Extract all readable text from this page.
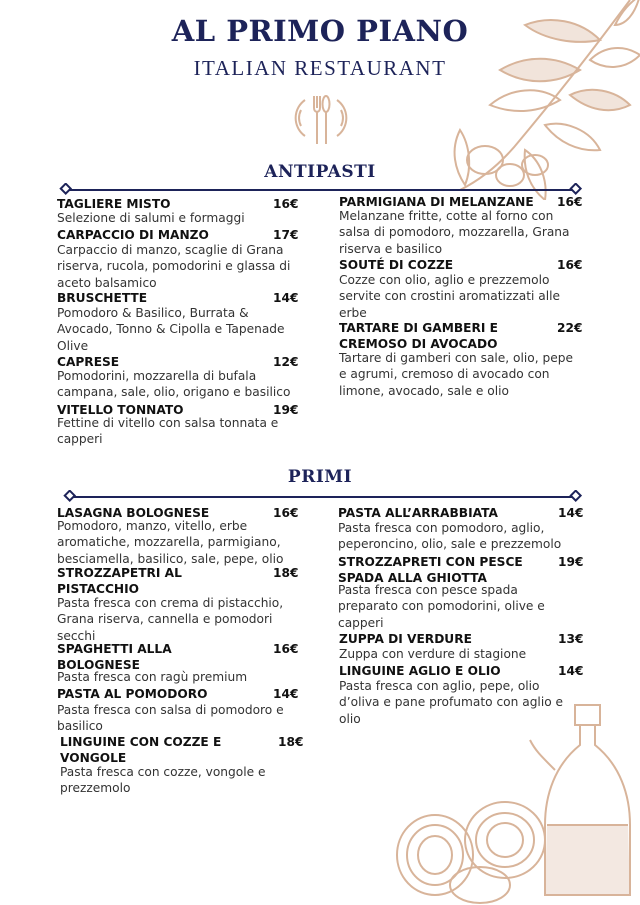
AL PRIMO PIANO
ITALIAN RESTAURANT
ANTIPASTI
TAGLIERE MISTO	16€
Selezione di salumi e formaggi
CARPACCIO DI MANZO	17€
Carpaccio di manzo, scaglie di Grana riserva, rucola, pomodorini e glassa di aceto balsamico
BRUSCHETTE	14€
Pomodoro & Basilico, Burrata & Avocado, Tonno & Cipolla e Tapenade Olive
CAPRESE	12€
Pomodorini, mozzarella di bufala campana, sale, olio, origano e basilico
VITELLO TONNATO	19€
Fettine di vitello con salsa tonnata e capperi
PARMIGIANA DI MELANZANE 16€
Melanzane fritte, cotte al forno con salsa di pomodoro, mozzarella, Grana riserva e basilico
SOUTÉ DI COZZE	16€
Cozze con olio, aglio e prezzemolo servite con crostini aromatizzati alle erbe
TARTARE DI GAMBERI E CREMOSO DI AVOCADO
22€
Tartare di gamberi con sale, olio, pepe e agrumi, cremoso di avocado con limone, avocado, sale e olio
PRIMI
LASAGNA BOLOGNESE	16€
Pomodoro, manzo, vitello, erbe aromatiche, mozzarella, parmigiano, besciamella, basilico, sale, pepe, olio
STROZZAPETRI AL PISTACCHIO
18€
Pasta fresca con crema di pistacchio, Grana riserva, cannella e pomodori secchi
SPAGHETTI ALLA BOLOGNESE
16€
Pasta fresca con ragù premium
PASTA AL POMODORO	14€
Pasta fresca con salsa di pomodoro e basilico
LINGUINE CON COZZE E VONGOLE
18€
Pasta fresca con cozze, vongole e prezzemolo
PASTA ALL’ARRABBIATA	14€
Pasta fresca con pomodoro, aglio, peperoncino, olio, sale e prezzemolo
STROZZAPRETI CON PESCE SPADA ALLA GHIOTTA
19€
Pasta fresca con pesce spada preparato con pomodorini, olive e capperi
ZUPPA DI VERDURE	13€
Zuppa con verdure di stagione
LINGUINE AGLIO E OLIO	14€
Pasta fresca con aglio, pepe, olio d’oliva e pane profumato con aglio e olio
